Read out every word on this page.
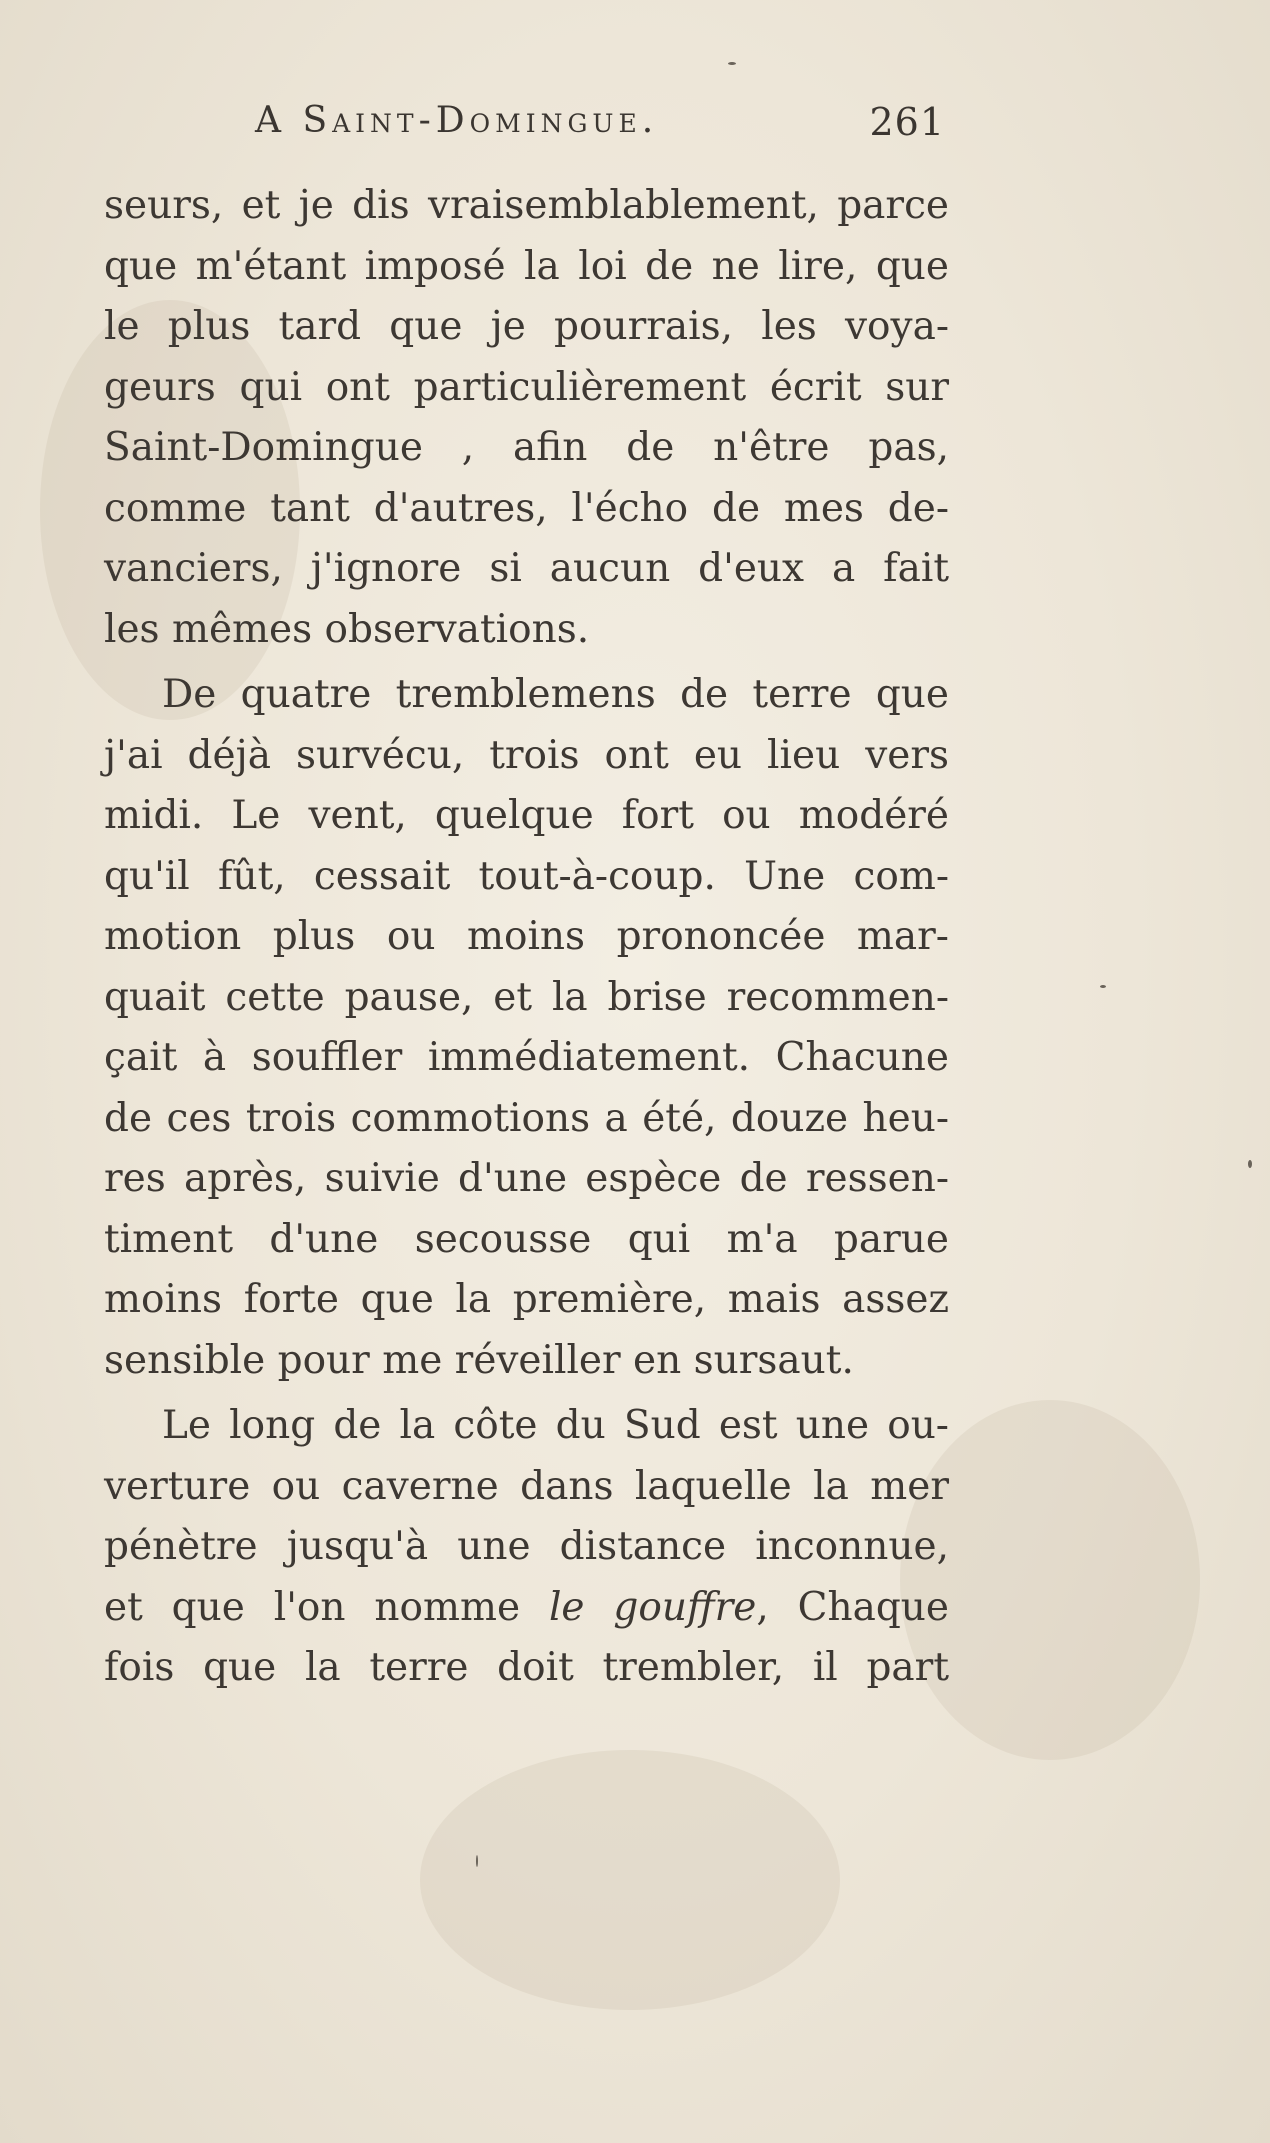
A Saint-Domingue.	261
seurs, et je dis vraisemblablement, parce
que m'étant imposé la loi de ne lire, que
le plus tard que je pourrais, les voya-
geurs qui ont particulièrement écrit sur
Saint-Domingue , afin de n'être pas,
comme tant d'autres, l'écho de mes de-
vanciers, j'ignore si aucun d'eux a fait
les mêmes observations.
De quatre tremblemens de terre que
j'ai déjà survécu, trois ont eu lieu vers
midi. Le vent, quelque fort ou modéré
qu'il fût, cessait tout-à-coup. Une com-
motion plus ou moins prononcée mar-
quait cette pause, et la brise recommen-
çait à souffler immédiatement. Chacune
de ces trois commotions a été, douze heu-
res après, suivie d'une espèce de ressen-
timent d'une secousse qui m'a parue
moins forte que la première, mais assez
sensible pour me réveiller en sursaut.
Le long de la côte du Sud est une ou-
verture ou caverne dans laquelle la mer
pénètre jusqu'à une distance inconnue,
et que l'on nomme le gouffre, Chaque
fois que la terre doit trembler, il part
